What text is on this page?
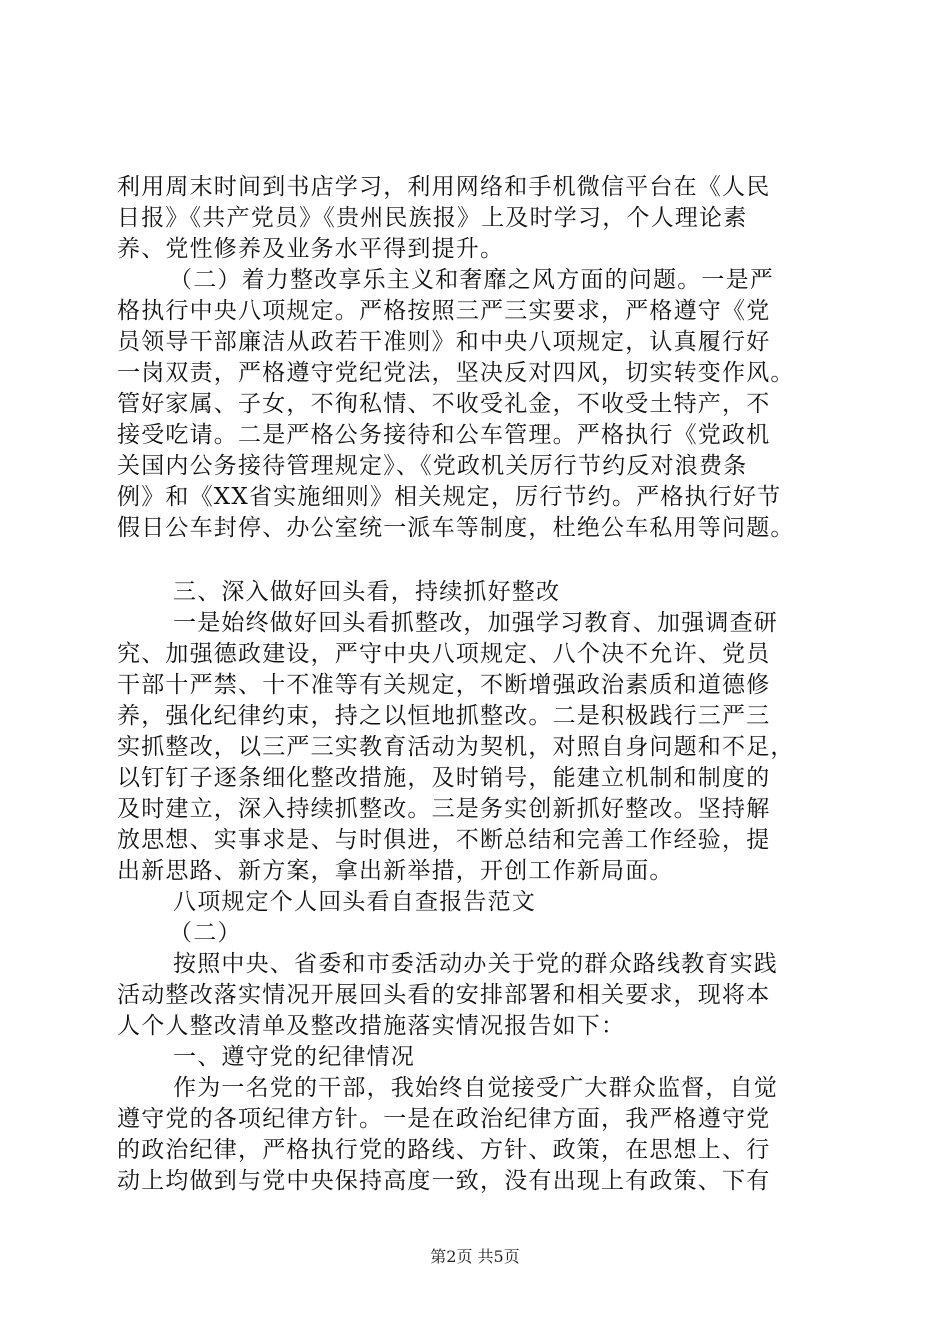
利用周末时间到书店学习，利用网络和手机微信平台在《人民
日报》《共产党员》《贵州民族报》上及时学习，个人理论素
养、党性修养及业务水平得到提升。
（二）着力整改享乐主义和奢靡之风方面的问题。一是严
格执行中央八项规定。严格按照三严三实要求，严格遵守《党
员领导干部廉洁从政若干准则》和中央八项规定，认真履行好
一岗双责，严格遵守党纪党法，坚决反对四风，切实转变作风。
管好家属、子女，不徇私情、不收受礼金，不收受土特产，不
接受吃请。二是严格公务接待和公车管理。严格执行《党政机
关国内公务接待管理规定》、《党政机关厉行节约反对浪费条
例》和《XX省实施细则》相关规定，厉行节约。严格执行好节
假日公车封停、办公室统一派车等制度，杜绝公车私用等问题。
三、深入做好回头看，持续抓好整改
一是始终做好回头看抓整改，加强学习教育、加强调查研
究、加强德政建设，严守中央八项规定、八个决不允许、党员
干部十严禁、十不准等有关规定，不断增强政治素质和道德修
养，强化纪律约束，持之以恒地抓整改。二是积极践行三严三
实抓整改，以三严三实教育活动为契机，对照自身问题和不足，
以钉钉子逐条细化整改措施，及时销号，能建立机制和制度的
及时建立，深入持续抓整改。三是务实创新抓好整改。坚持解
放思想、实事求是、与时俱进，不断总结和完善工作经验，提
出新思路、新方案，拿出新举措，开创工作新局面。
八项规定个人回头看自查报告范文
（二）
按照中央、省委和市委活动办关于党的群众路线教育实践
活动整改落实情况开展回头看的安排部署和相关要求，现将本
人个人整改清单及整改措施落实情况报告如下：
一、遵守党的纪律情况
作为一名党的干部，我始终自觉接受广大群众监督，自觉
遵守党的各项纪律方针。一是在政治纪律方面，我严格遵守党
的政治纪律，严格执行党的路线、方针、政策，在思想上、行
动上均做到与党中央保持高度一致，没有出现上有政策、下有
第2页 共5页
